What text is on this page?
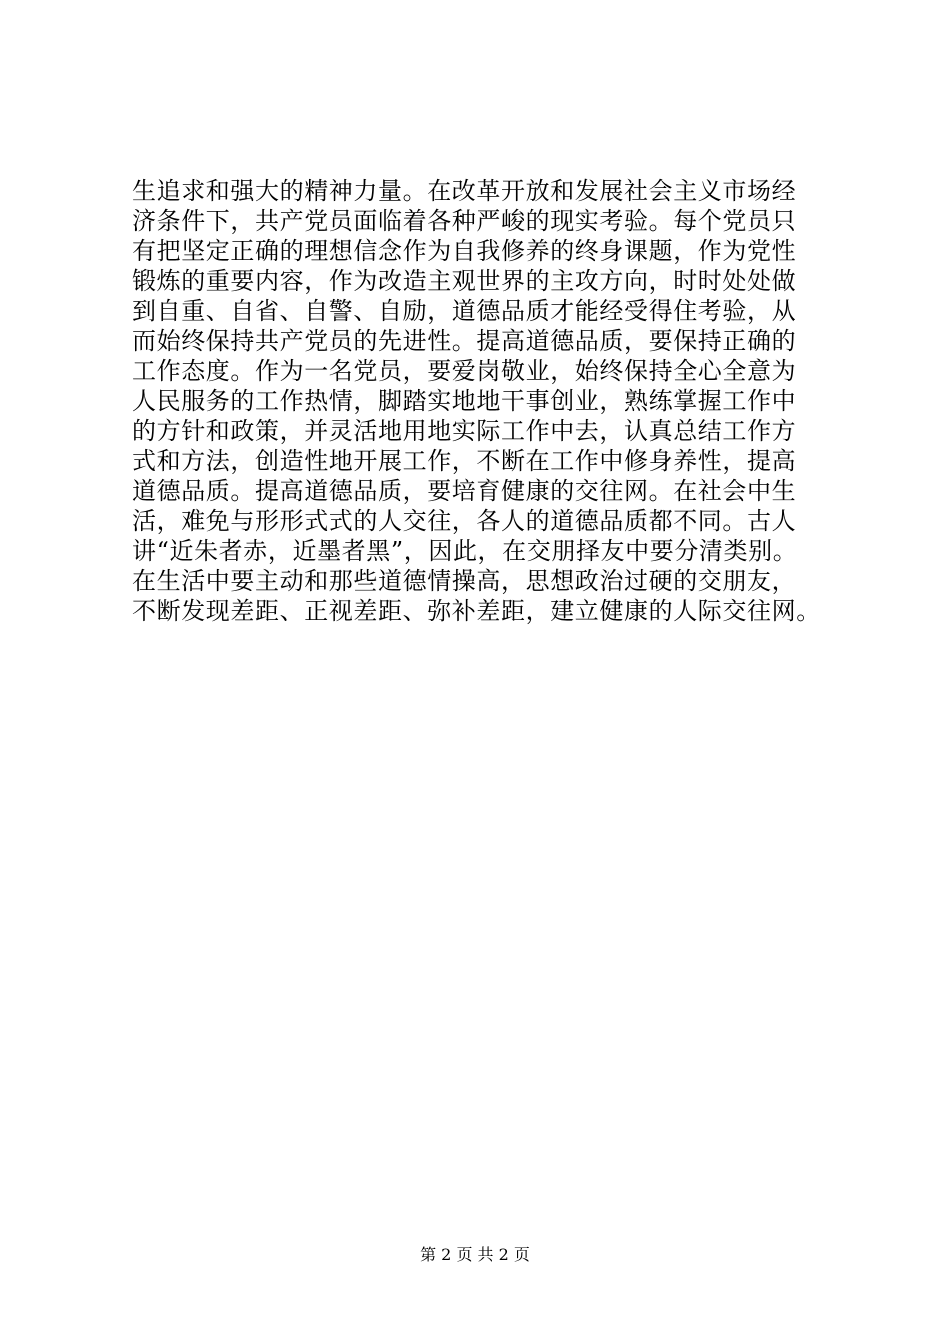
生追求和强大的精神力量。在改革开放和发展社会主义市场经
济条件下，共产党员面临着各种严峻的现实考验。每个党员只
有把坚定正确的理想信念作为自我修养的终身课题，作为党性
锻炼的重要内容，作为改造主观世界的主攻方向，时时处处做
到自重、自省、自警、自励，道德品质才能经受得住考验，从
而始终保持共产党员的先进性。提高道德品质，要保持正确的
工作态度。作为一名党员，要爱岗敬业，始终保持全心全意为
人民服务的工作热情，脚踏实地地干事创业，熟练掌握工作中
的方针和政策，并灵活地用地实际工作中去，认真总结工作方
式和方法，创造性地开展工作，不断在工作中修身养性，提高
道德品质。提高道德品质，要培育健康的交往网。在社会中生
活，难免与形形式式的人交往，各人的道德品质都不同。古人
讲“近朱者赤，近墨者黑”，因此，在交朋择友中要分清类别。
在生活中要主动和那些道德情操高，思想政治过硬的交朋友，
不断发现差距、正视差距、弥补差距，建立健康的人际交往网。
第 2 页 共 2 页
